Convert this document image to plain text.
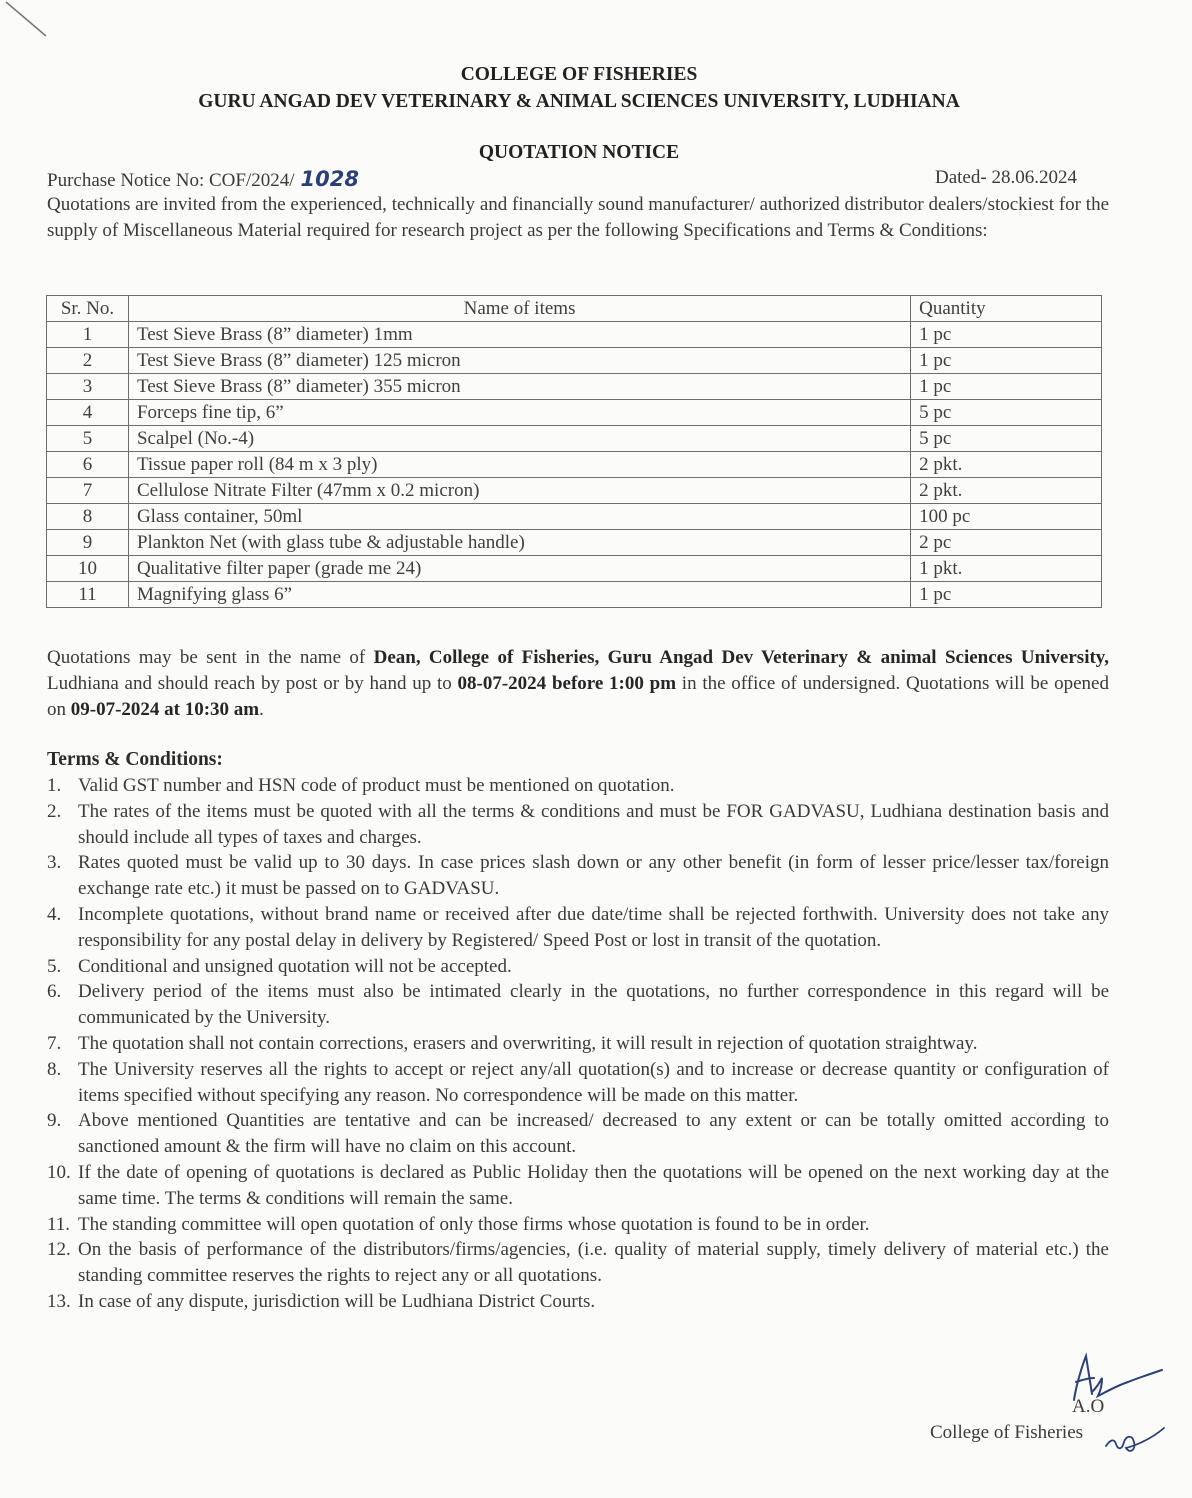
COLLEGE OF FISHERIES
GURU ANGAD DEV VETERINARY & ANIMAL SCIENCES UNIVERSITY, LUDHIANA
QUOTATION NOTICE
Purchase Notice No: COF/2024/ 1028	Dated- 28.06.2024
Quotations are invited from the experienced, technically and financially sound manufacturer/ authorized distributor dealers/stockiest for the supply of Miscellaneous Material required for research project as per the following Specifications and Terms & Conditions:
Sr. No.	Name of items	Quantity
1	Test Sieve Brass (8” diameter) 1mm	1 pc
2	Test Sieve Brass (8” diameter) 125 micron	1 pc
3	Test Sieve Brass (8” diameter) 355 micron	1 pc
4	Forceps fine tip, 6”	5 pc
5	Scalpel (No.-4)	5 pc
6	Tissue paper roll (84 m x 3 ply)	2 pkt.
7	Cellulose Nitrate Filter (47mm x 0.2 micron)	2 pkt.
8	Glass container, 50ml	100 pc
9	Plankton Net (with glass tube & adjustable handle)	2 pc
10	Qualitative filter paper (grade me 24)	1 pkt.
11	Magnifying glass 6”	1 pc
Quotations may be sent in the name of Dean, College of Fisheries, Guru Angad Dev Veterinary & animal Sciences University, Ludhiana and should reach by post or by hand up to 08-07-2024 before 1:00 pm in the office of undersigned. Quotations will be opened on 09-07-2024 at 10:30 am.
Terms & Conditions:
1. Valid GST number and HSN code of product must be mentioned on quotation.
2. The rates of the items must be quoted with all the terms & conditions and must be FOR GADVASU, Ludhiana destination basis and should include all types of taxes and charges.
3. Rates quoted must be valid up to 30 days. In case prices slash down or any other benefit (in form of lesser price/lesser tax/foreign exchange rate etc.) it must be passed on to GADVASU.
4. Incomplete quotations, without brand name or received after due date/time shall be rejected forthwith. University does not take any responsibility for any postal delay in delivery by Registered/ Speed Post or lost in transit of the quotation.
5. Conditional and unsigned quotation will not be accepted.
6. Delivery period of the items must also be intimated clearly in the quotations, no further correspondence in this regard will be communicated by the University.
7. The quotation shall not contain corrections, erasers and overwriting, it will result in rejection of quotation straightway.
8. The University reserves all the rights to accept or reject any/all quotation(s) and to increase or decrease quantity or configuration of items specified without specifying any reason. No correspondence will be made on this matter.
9. Above mentioned Quantities are tentative and can be increased/ decreased to any extent or can be totally omitted according to sanctioned amount & the firm will have no claim on this account.
10. If the date of opening of quotations is declared as Public Holiday then the quotations will be opened on the next working day at the same time. The terms & conditions will remain the same.
11. The standing committee will open quotation of only those firms whose quotation is found to be in order.
12. On the basis of performance of the distributors/firms/agencies, (i.e. quality of material supply, timely delivery of material etc.) the standing committee reserves the rights to reject any or all quotations.
13. In case of any dispute, jurisdiction will be Ludhiana District Courts.
A.O
College of Fisheries
